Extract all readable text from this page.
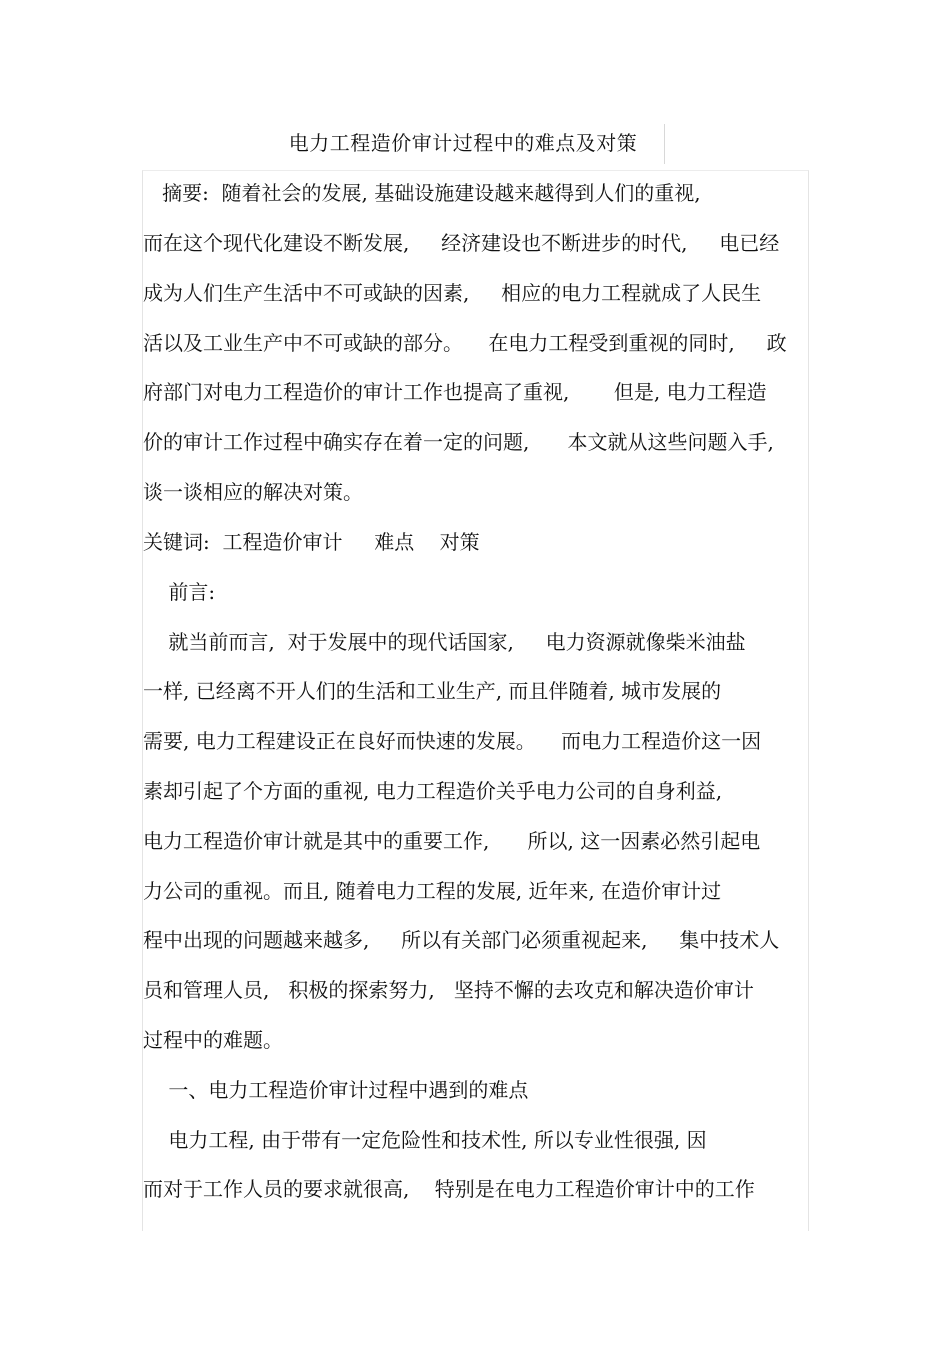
电力工程造价审计过程中的难点及对策
摘要:  随着社会的发展, 基础设施建设越来越得到人们的重视,
而在这个现代化建设不断发展,     经济建设也不断进步的时代,     电已经
成为人们生产生活中不可或缺的因素,     相应的电力工程就成了人民生
活以及工业生产中不可或缺的部分。    在电力工程受到重视的同时,     政
府部门对电力工程造价的审计工作也提高了重视,       但是, 电力工程造
价的审计工作过程中确实存在着一定的问题,      本文就从这些问题入手,
谈一谈相应的解决对策。
关键词:  工程造价审计     难点    对策
前言:
就当前而言,  对于发展中的现代话国家,     电力资源就像柴米油盐
一样, 已经离不开人们的生活和工业生产, 而且伴随着, 城市发展的
需要, 电力工程建设正在良好而快速的发展。    而电力工程造价这一因
素却引起了个方面的重视, 电力工程造价关乎电力公司的自身利益,
电力工程造价审计就是其中的重要工作,      所以, 这一因素必然引起电
力公司的重视。而且, 随着电力工程的发展, 近年来, 在造价审计过
程中出现的问题越来越多,     所以有关部门必须重视起来,     集中技术人
员和管理人员,   积极的探索努力,   坚持不懈的去攻克和解决造价审计
过程中的难题。
一、电力工程造价审计过程中遇到的难点
电力工程, 由于带有一定危险性和技术性, 所以专业性很强, 因
而对于工作人员的要求就很高,    特别是在电力工程造价审计中的工作
